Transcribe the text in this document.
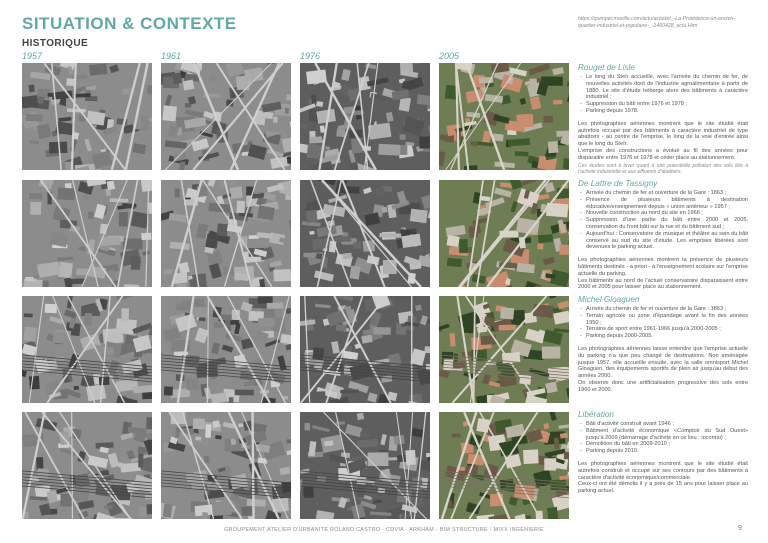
SITUATION & CONTEXTE
HISTORIQUE
https://quimper.maville.com/actu/actudet_-La-Providence-un-ancien-quartier-industriel-et-populaire-_-1460428_actu.Htm
1957	1961	1976	2005
Rouget de Lisle
- Le long du Steïr accueille, avec l'arrivée du chemin de fer, de nouvelles activités dont de l'industrie agroalimentaire à partir de 1880. Le site d'étude héberge alors des bâtiments à caractère industriel ;
- Suppression du bâti entre 1976 et 1978 ;
- Parking depuis 1978.

Les photographies aériennes montrent que le site étudié était autrefois occupé par des bâtiments à caractère industriel de type abattoirs - au centre de l'emprise, le long de la voie d'entrée ainsi que le long du Steïr.
L'emprise des constructions a évolué au fil des années pour disparaitre entre 1976 et 1978 et céder place au stationnement.

Ces études sont à lever quant à une potentielle pollution des sols liée à l'activité industrielle et aux effluents d'abattoirs.

De Lattre de Tassigny
- Arrivée du chemin de fer et ouverture de la Gare : 1863 ;
- Présence de plusieurs bâtiments à destination éducative/enseignement depuis « union antérieur » 1957 ;
- Nouvelle construction au nord du site en 1966 ;
- Suppression d'une partie du bâti entre 2000 et 2005, conservation du front bâti sur la rue et du bâtiment sud ;
- Aujourd'hui : Conservatoire de musique et théâtre au sein du bâti conservé au sud du site d'étude. Les emprises libérées sont devenues le parking actuel.

Les photographies aériennes montrent la présence de plusieurs bâtiments destinés - a priori - à l'enseignement scolaire sur l'emprise actuelle du parking.
Les bâtiments au nord de l'actuel conservatoire disparaissent entre 2000 et 2005 pour laisser place au stationnement.

Michel Gloaguen
- Arrivée du chemin de fer et ouverture de la Gare : 1863 ;
- Terrain agricole ou zone d'épandage avant la fin des années 1950 ;
- Terrains de sport entre 1961-1966 jusqu'à 2000-2005 ;
- Parking depuis 2000-2005.

Les photographies aériennes laisse entendre que l'emprise actuelle du parking n'a que peu changé de destinations. Non aménagée jusque 1957, elle accueille ensuite, avec la salle omnisport Michel Gloaguen, des équipements sportifs de plein air jusqu'au début des années 2000.
On observe donc une artificialisation progressive des sols entre 1960 et 2000.

Libération
- Bâti d'activité construit avant 1946 ;
- Bâtiment d'activité économique «Comptoir du Sud Ouest» jusqu'à 2009 (démarrage d'activité en ce lieu : inconnu) ;
- Démolition du bâti en 2009-2010 ;
- Parking depuis 2010.

Les photographies aériennes montrent que le site étudié était autrefois construit et occupé sur ses contours par des bâtiments à caractère d'activité économique/commerciale.
Ceux-ci ont été démolis il y a près de 15 ans pour laisser place au parking actuel.

GROUPEMENT ATELIER D'URBANITÉ ROLAND CASTRO - CDVIA - ARKHAM - BIM STRUCTURE - MIXX INGÉNIERIE	9
